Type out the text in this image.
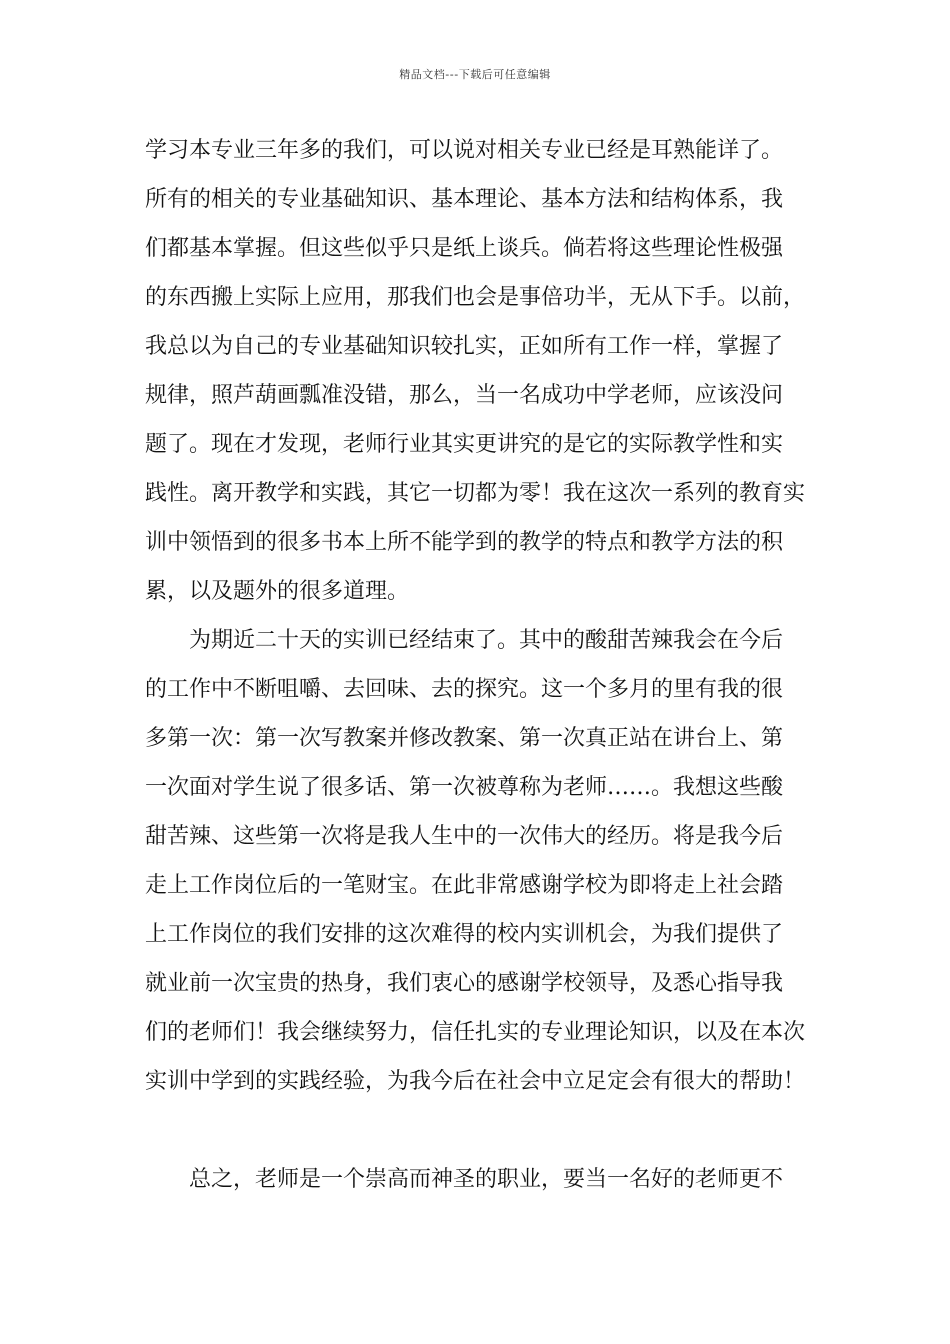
精品文档---下载后可任意编辑
学习本专业三年多的我们，可以说对相关专业已经是耳熟能详了。
所有的相关的专业基础知识、基本理论、基本方法和结构体系，我
们都基本掌握。但这些似乎只是纸上谈兵。倘若将这些理论性极强
的东西搬上实际上应用，那我们也会是事倍功半，无从下手。以前，
我总以为自己的专业基础知识较扎实，正如所有工作一样，掌握了
规律，照芦葫画瓢准没错，那么，当一名成功中学老师，应该没问
题了。现在才发现，老师行业其实更讲究的是它的实际教学性和实
践性。离开教学和实践，其它一切都为零！我在这次一系列的教育实
训中领悟到的很多书本上所不能学到的教学的特点和教学方法的积
累，以及题外的很多道理。
为期近二十天的实训已经结束了。其中的酸甜苦辣我会在今后
的工作中不断咀嚼、去回味、去的探究。这一个多月的里有我的很
多第一次：第一次写教案并修改教案、第一次真正站在讲台上、第
一次面对学生说了很多话、第一次被尊称为老师……。我想这些酸
甜苦辣、这些第一次将是我人生中的一次伟大的经历。将是我今后
走上工作岗位后的一笔财宝。在此非常感谢学校为即将走上社会踏
上工作岗位的我们安排的这次难得的校内实训机会，为我们提供了
就业前一次宝贵的热身，我们衷心的感谢学校领导，及悉心指导我
们的老师们！我会继续努力，信任扎实的专业理论知识，以及在本次
实训中学到的实践经验，为我今后在社会中立足定会有很大的帮助！
总之，老师是一个崇高而神圣的职业，要当一名好的老师更不
